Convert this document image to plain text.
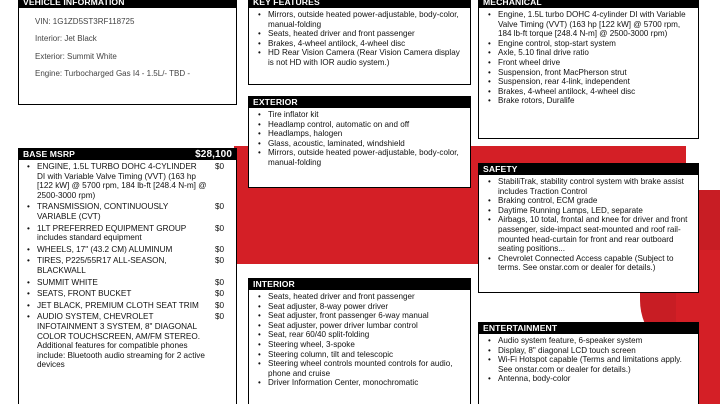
VEHICLE INFORMATION
VIN: 1G1ZD5ST3RF118725
Interior: Jet Black
Exterior: Summit White
Engine: Turbocharged Gas I4 - 1.5L/- TBD -
BASE MSRP	$28,100
• ENGINE, 1.5L TURBO DOHC 4-CYLINDER DI with Variable Valve Timing (VVT) (163 hp [122 kW] @ 5700 rpm, 184 lb-ft [248.4 N-m] @ 2500-3000 rpm)
$0
• TRANSMISSION, CONTINUOUSLY VARIABLE (CVT)
$0
• 1LT PREFERRED EQUIPMENT GROUP includes standard equipment
$0
• WHEELS, 17" (43.2 CM) ALUMINUM	$0
• TIRES, P225/55R17 ALL-SEASON, BLACKWALL
$0
• SUMMIT WHITE	$0
• SEATS, FRONT BUCKET	$0
• JET BLACK, PREMIUM CLOTH SEAT TRIM	$0
• AUDIO SYSTEM, CHEVROLET INFOTAINMENT 3 SYSTEM, 8" DIAGONAL COLOR TOUCHSCREEN, AM/FM STEREO. Additional features for compatible phones include: Bluetooth audio streaming for 2 active devices
$0
KEY FEATURES
• Mirrors, outside heated power-adjustable, body-color, manual-folding
• Seats, heated driver and front passenger
• Brakes, 4-wheel antilock, 4-wheel disc
• HD Rear Vision Camera (Rear Vision Camera display is not HD with IOR audio system.)
EXTERIOR
• Tire inflator kit
• Headlamp control, automatic on and off
• Headlamps, halogen
• Glass, acoustic, laminated, windshield
• Mirrors, outside heated power-adjustable, body-color, manual-folding
INTERIOR
• Seats, heated driver and front passenger
• Seat adjuster, 8-way power driver
• Seat adjuster, front passenger 6-way manual
• Seat adjuster, power driver lumbar control
• Seat, rear 60/40 split-folding
• Steering wheel, 3-spoke
• Steering column, tilt and telescopic
• Steering wheel controls mounted controls for audio, phone and cruise
• Driver Information Center, monochromatic
MECHANICAL
• Engine, 1.5L turbo DOHC 4-cylinder DI with Variable Valve Timing (VVT) (163 hp [122 kW] @ 5700 rpm, 184 lb-ft torque [248.4 N-m] @ 2500-3000 rpm)
• Engine control, stop-start system
• Axle, 5.10 final drive ratio
• Front wheel drive
• Suspension, front MacPherson strut
• Suspension, rear 4-link, independent
• Brakes, 4-wheel antilock, 4-wheel disc
• Brake rotors, Duralife
SAFETY
• StabiliTrak, stability control system with brake assist includes Traction Control
• Braking control, ECM grade
• Daytime Running Lamps, LED, separate
• Airbags, 10 total, frontal and knee for driver and front passenger, side-impact seat-mounted and roof rail-mounted head-curtain for front and rear outboard seating positions...
• Chevrolet Connected Access capable (Subject to terms. See onstar.com or dealer for details.)
ENTERTAINMENT
• Audio system feature, 6-speaker system
• Display, 8" diagonal LCD touch screen
• Wi-Fi Hotspot capable (Terms and limitations apply. See onstar.com or dealer for details.)
• Antenna, body-color
